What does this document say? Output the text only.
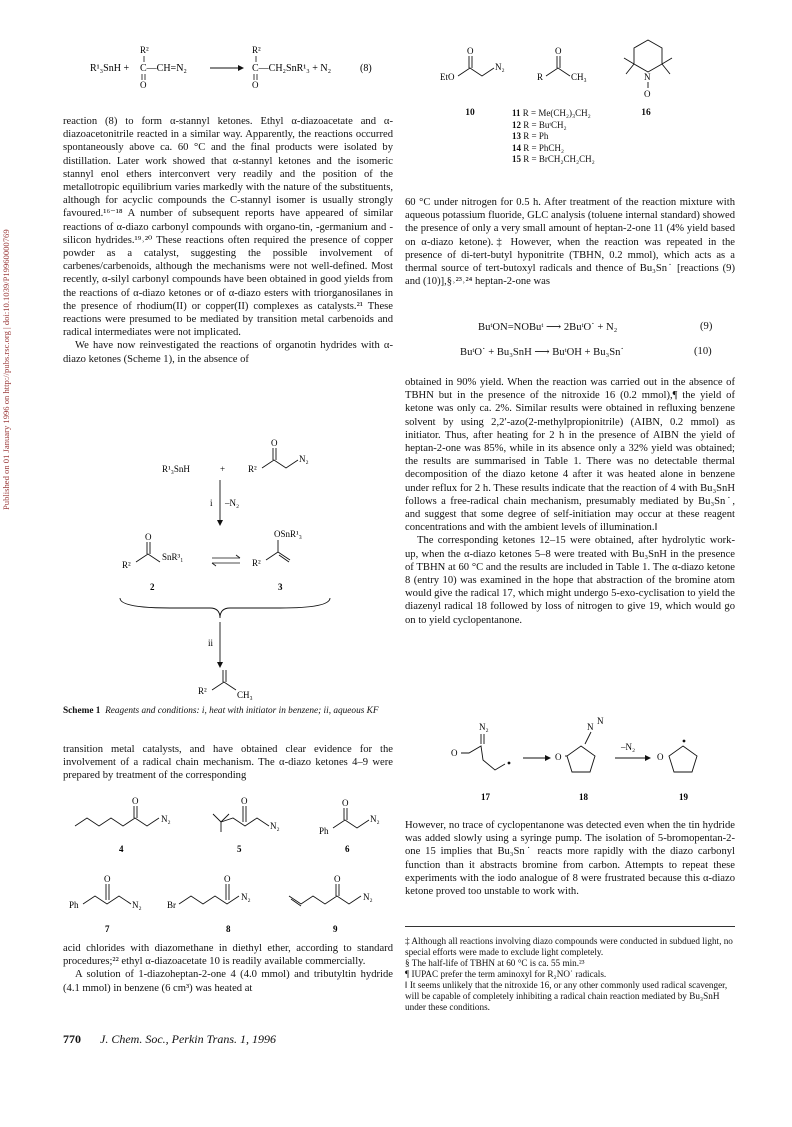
Published on 01 January 1996 on http://pubs.rsc.org | doi:10.1039/P19960000769
R¹₃SnH +
R²
C—CH=N₂
O
R²
C—CH₂SnR¹₃ + N₂
O
(8)
EtO
O
N₂
R
O
CH₃	N
O
10	16
11 R = Me(CH₂)₃CH₂
12 R = BuᵗCH₂
13 R = Ph
14 R = PhCH₂
15 R = BrCH₂CH₂CH₂

reaction (8) to form α-stannyl ketones. Ethyl α-diazoacetate and α-diazoacetonitrile reacted in a similar way. Apparently, the reactions occurred spontaneously above ca. 60 °C and the final products were isolated by distillation. Later work showed that α-stannyl ketones and the isomeric stannyl enol ethers interconvert very readily and the position of the metallotropic equilibrium varies markedly with the nature of the substituents, although for acyclic compounds the C-stannyl isomer is usually strongly favoured.¹⁶⁻¹⁸ A number of subsequent reports have appeared of similar reactions of α-diazo carbonyl compounds with organo-tin, -germanium and -silicon hydrides.¹⁹˒²⁰ These reactions often required the presence of copper powder as a catalyst, suggesting the possible involvement of carbenes/carbenoids, although the mechanisms were not well-defined. Most recently, α-silyl carbonyl compounds have been obtained in good yields from the reactions of α-diazo ketones or of α-diazo esters with triorganosilanes in the presence of rhodium(II) or copper(II) complexes as catalysts.²¹ These reactions were presumed to be mediated by transition metal carbenoids and radical intermediates were not implicated.

We have now reinvestigated the reactions of organotin hydrides with α-diazo ketones (Scheme 1), in the absence of

R¹₃SnH	+	R²
O
N₂
i –N₂
R²
O
SnR³₁
R²
OSnR¹₃
2	3
ii
R²	CH₃
Scheme 1 Reagents and conditions: i, heat with initiator in benzene; ii, aqueous KF

transition metal catalysts, and have obtained clear evidence for the involvement of a radical chain mechanism. The α-diazo ketones 4–9 were prepared by treatment of the corresponding

O
N₂
O
N₂	Ph
O
N₂
4	5	6
Ph
O
N₂	Br
O
N₂
O
N₂
7	8	9

acid chlorides with diazomethane in diethyl ether, according to standard procedures;²² ethyl α-diazoacetate 10 is readily available commercially.

A solution of 1-diazoheptan-2-one 4 (4.0 mmol) and tributyltin hydride (4.1 mmol) in benzene (6 cm³) was heated at

60 °C under nitrogen for 0.5 h. After treatment of the reaction mixture with aqueous potassium fluoride, GLC analysis (toluene internal standard) showed the presence of only a very small amount of heptan-2-one 11 (4% yield based on α-diazo ketone).‡ However, when the reaction was repeated in the presence of di-tert-butyl hyponitrite (TBHN, 0.2 mmol), which acts as a thermal source of tert-butoxyl radicals and thence of Bu₃Sn˙ [reactions (9) and (10)],§˒²³˒²⁴ heptan-2-one was

BuᵗON=NOBuᵗ ⟶ 2BuᵗO˙ + N₂	(9)
BuᵗO˙ + Bu₃SnH ⟶ BuᵗOH + Bu₃Sn˙	(10)

obtained in 90% yield. When the reaction was carried out in the absence of TBHN but in the presence of the nitroxide 16 (0.2 mmol),¶ the yield of ketone was only ca. 2%. Similar results were obtained in refluxing benzene solvent by using 2,2′-azo(2-methylpropionitrile) (AIBN, 0.2 mmol) as initiator. Thus, after heating for 2 h in the presence of AIBN the yield of heptan-2-one was 85%, while in its absence only a 32% yield was obtained; the results are summarised in Table 1. There was no detectable thermal decomposition of the diazo ketone 4 after it was heated alone in benzene under reflux for 2 h. These results indicate that the reaction of 4 with Bu₃SnH follows a free-radical chain mechanism, presumably mediated by Bu₃Sn˙, and suggest that some degree of self-initiation may occur at these reagent concentrations and with the ambient levels of illumination.‖

The corresponding ketones 12–15 were obtained, after hydrolytic work-up, when the α-diazo ketones 5–8 were treated with Bu₃SnH in the presence of TBHN at 60 °C and the results are included in Table 1. The α-diazo ketone 8 (entry 10) was examined in the hope that abstraction of the bromine atom would give the radical 17, which might undergo 5-exo-cyclisation to yield the diazenyl radical 18 followed by loss of nitrogen to give 19, which would go on to yield cyclopentanone.

N₂
O
N
N
O
–N₂
O
17	18	19

However, no trace of cyclopentanone was detected even when the tin hydride was added slowly using a syringe pump. The isolation of 5-bromopentan-2-one 15 implies that Bu₃Sn˙ reacts more rapidly with the diazo carbonyl function than it abstracts bromine from carbon. Attempts to repeat these experiments with the iodo analogue of 8 were frustrated because this α-diazo ketone proved too unstable to work with.

‡ Although all reactions involving diazo compounds were conducted in subdued light, no special efforts were made to exclude light completely.

§ The half-life of TBHN at 60 °C is ca. 55 min.²³

¶ IUPAC prefer the term aminoxyl for R₂NO˙ radicals.

‖ It seems unlikely that the nitroxide 16, or any other commonly used radical scavenger, will be capable of completely inhibiting a radical chain reaction mediated by Bu₃SnH under these conditions.

770 J. Chem. Soc., Perkin Trans. 1, 1996
